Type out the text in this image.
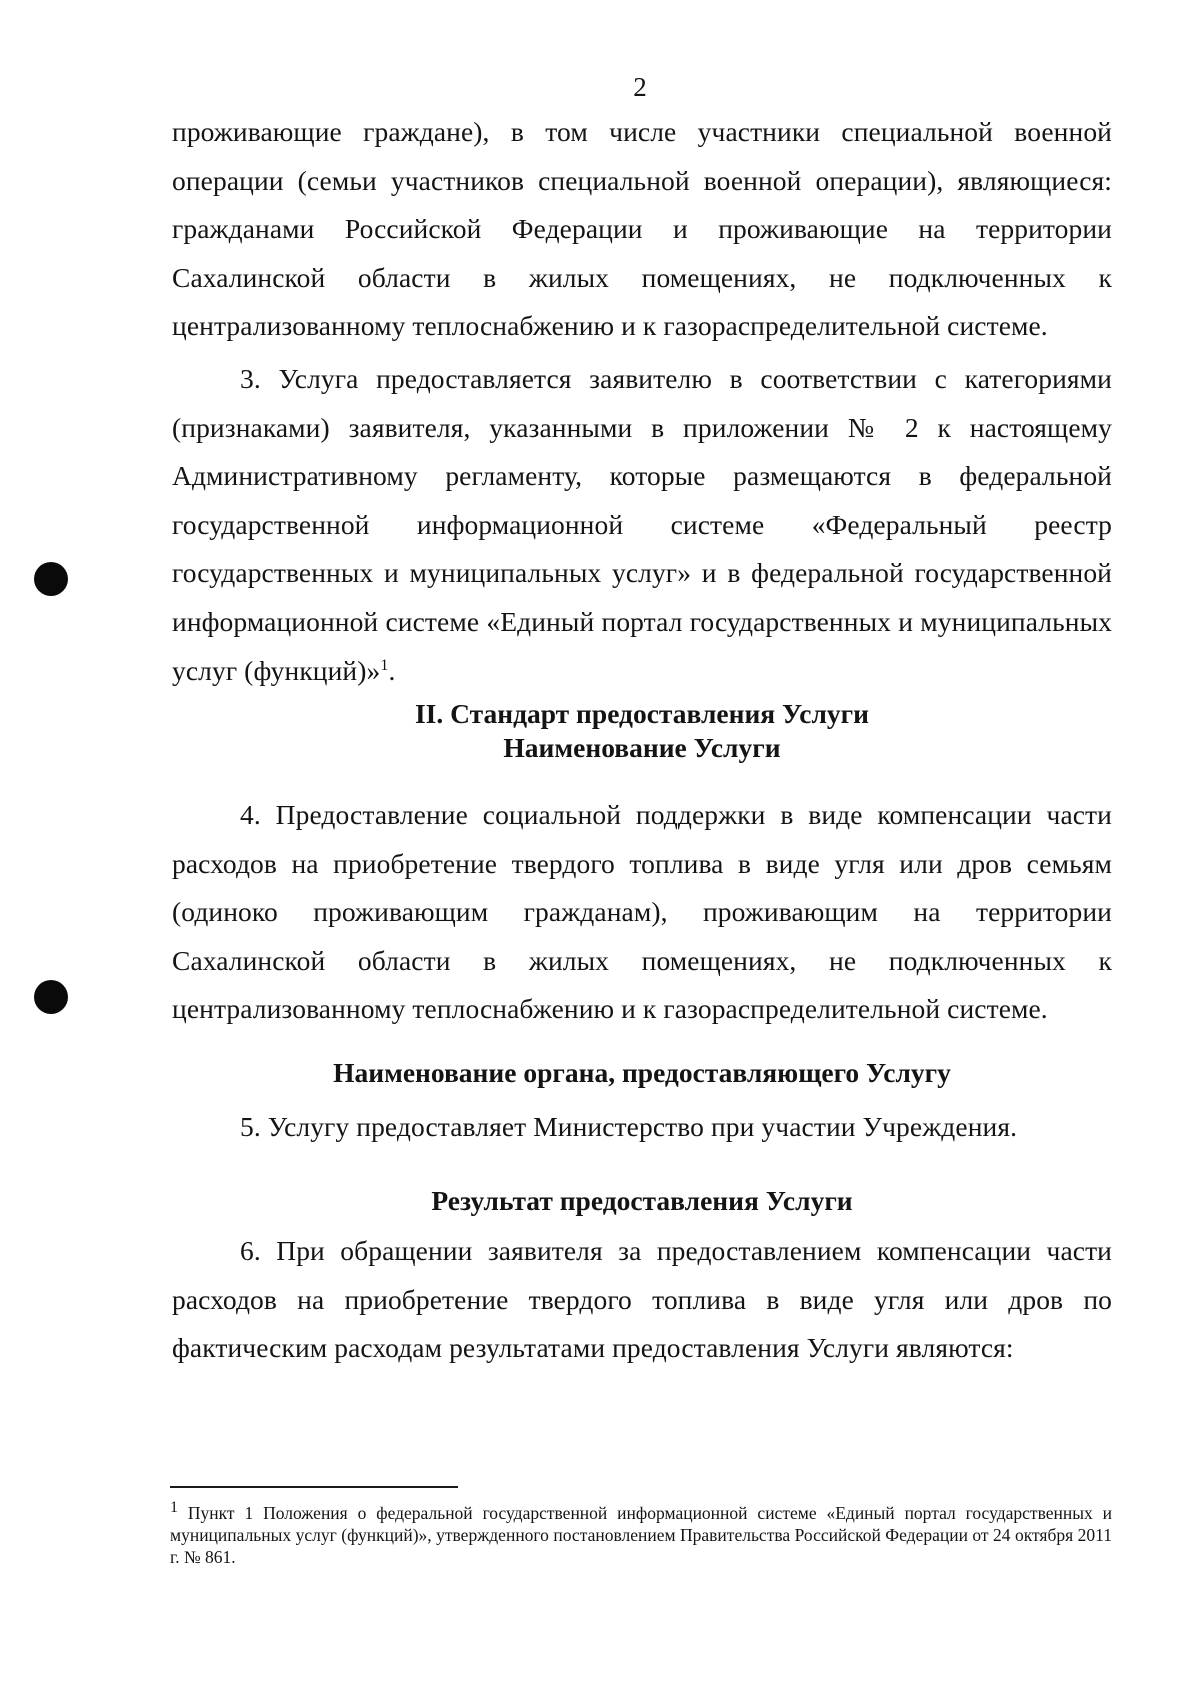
2

проживающие граждане), в том числе участники специальной военной операции (семьи участников специальной военной операции), являющиеся: гражданами Российской Федерации и проживающие на территории Сахалинской области в жилых помещениях, не подключенных к централизованному теплоснабжению и к газораспределительной системе.

3. Услуга предоставляется заявителю в соответствии с категориями (признаками) заявителя, указанными в приложении № 2 к настоящему Административному регламенту, которые размещаются в федеральной государственной информационной системе «Федеральный реестр государственных и муниципальных услуг» и в федеральной государственной информационной системе «Единый портал государственных и муниципальных услуг (функций)»$^1$.

II. Стандарт предоставления Услуги
Наименование Услуги

4. Предоставление социальной поддержки в виде компенсации части расходов на приобретение твердого топлива в виде угля или дров семьям (одиноко проживающим гражданам), проживающим на территории Сахалинской области в жилых помещениях, не подключенных к централизованному теплоснабжению и к газораспределительной системе.

Наименование органа, предоставляющего Услугу

5. Услугу предоставляет Министерство при участии Учреждения.

Результат предоставления Услуги

6. При обращении заявителя за предоставлением компенсации части расходов на приобретение твердого топлива в виде угля или дров по фактическим расходам результатами предоставления Услуги являются:

$^1$ Пункт 1 Положения о федеральной государственной информационной системе «Единый портал государственных и муниципальных услуг (функций)», утвержденного постановлением Правительства Российской Федерации от 24 октября 2011 г. № 861.
